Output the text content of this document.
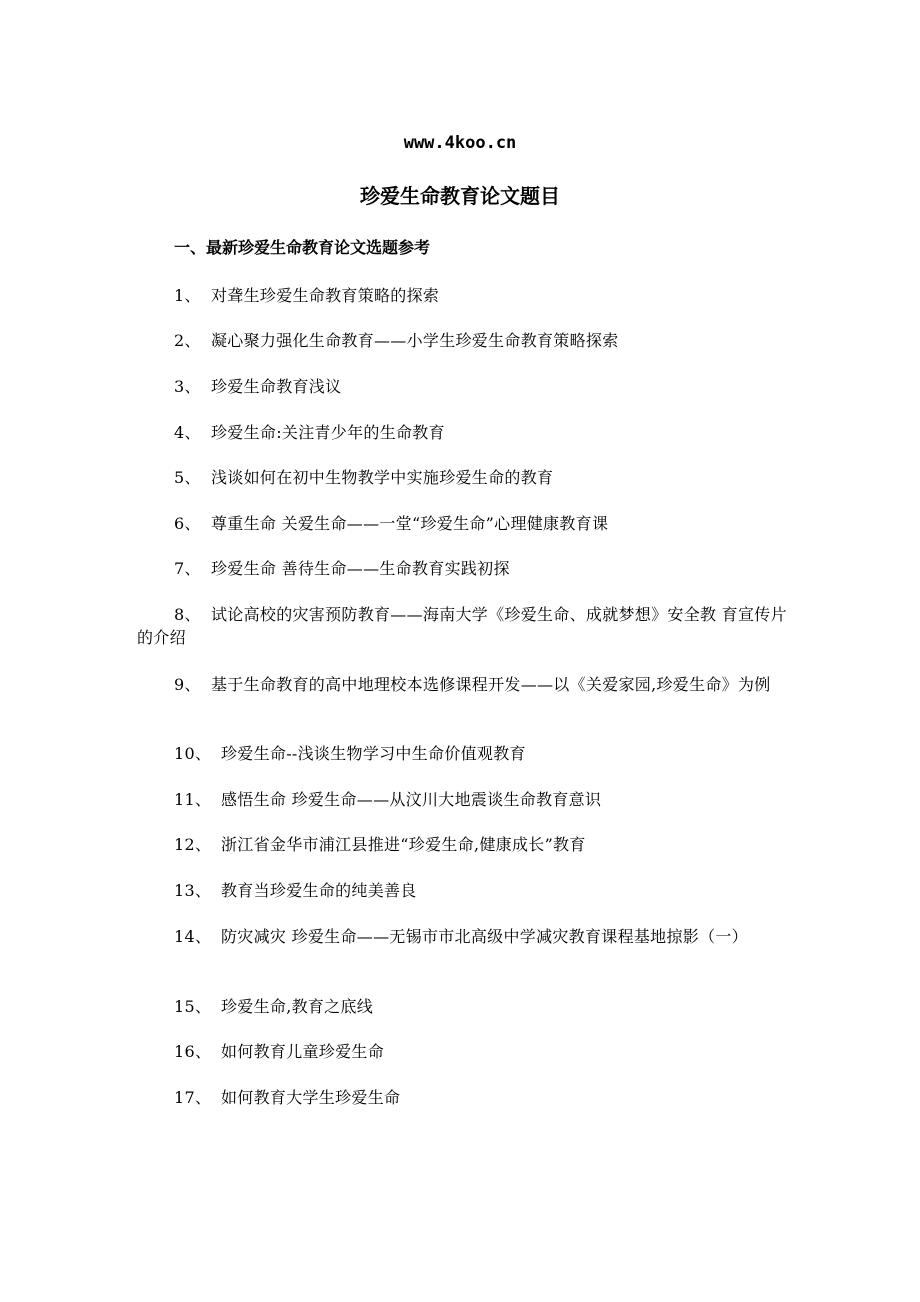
www.4koo.cn
珍爱生命教育论文题目
一、最新珍爱生命教育论文选题参考
1、 对聋生珍爱生命教育策略的探索
2、 凝心聚力强化生命教育——小学生珍爱生命教育策略探索
3、 珍爱生命教育浅议
4、 珍爱生命:关注青少年的生命教育
5、 浅谈如何在初中生物教学中实施珍爱生命的教育
6、 尊重生命 关爱生命——一堂“珍爱生命”心理健康教育课
7、 珍爱生命 善待生命——生命教育实践初探
8、 试论高校的灾害预防教育——海南大学《珍爱生命、成就梦想》安全教 育宣传片的介绍
9、 基于生命教育的高中地理校本选修课程开发——以《关爱家园,珍爱生命》为例
10、 珍爱生命--浅谈生物学习中生命价值观教育
11、 感悟生命 珍爱生命——从汶川大地震谈生命教育意识
12、 浙江省金华市浦江县推进“珍爱生命,健康成长”教育
13、 教育当珍爱生命的纯美善良
14、 防灾减灾 珍爱生命——无锡市市北高级中学减灾教育课程基地掠影（一）
15、 珍爱生命,教育之底线
16、 如何教育儿童珍爱生命
17、 如何教育大学生珍爱生命
